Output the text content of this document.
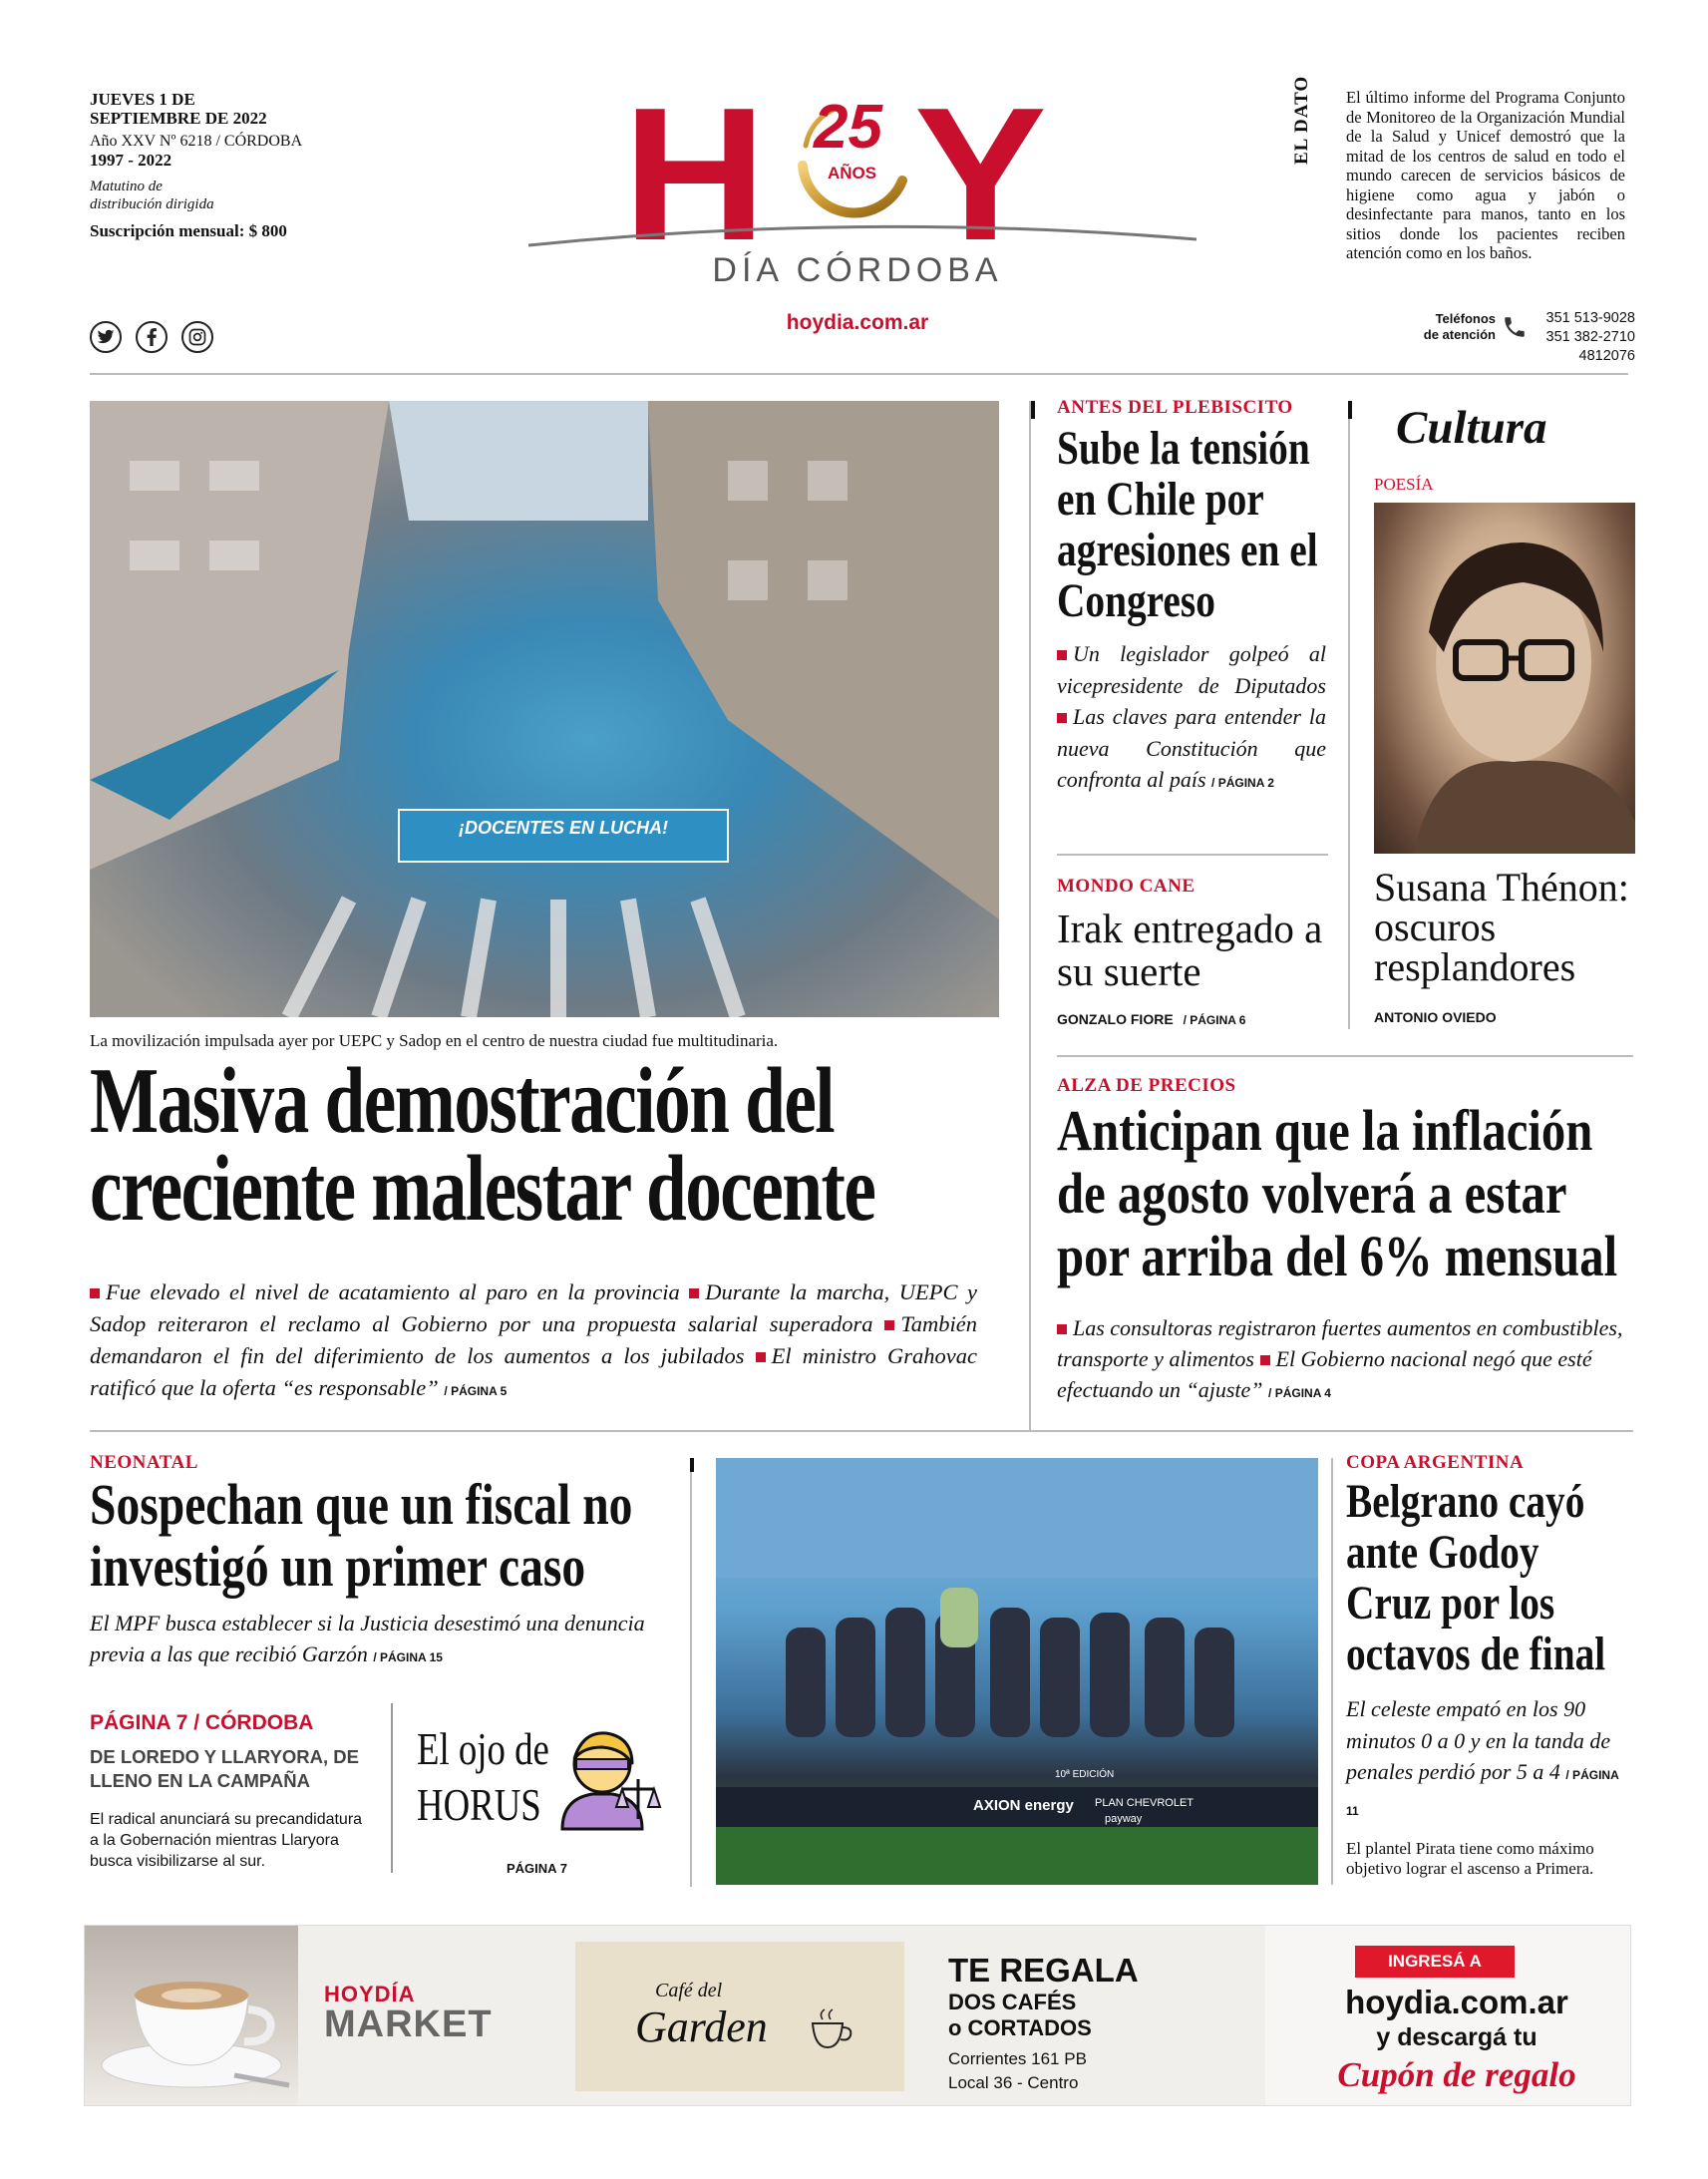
JUEVES 1 DE
SEPTIEMBRE DE 2022
Año XXV Nº 6218 / CÓRDOBA
1997 - 2022
Matutino de
distribución dirigida
Suscripción mensual: $ 800	H 25
AÑOS Y
DÍA CÓRDOBA
hoydia.com.ar
EL DATO El último informe del Programa Conjunto de Monitoreo de la Organización Mundial de la Salud y Unicef demostró que la mitad de los centros de salud en todo el mundo carecen de servicios básicos de higiene como agua y jabón o desinfectante para manos, tanto en los sitios donde los pacientes reciben atención como en los baños.
Teléfonos
de atención
351 513-9028
351 382-2710
4812076
¡DOCENTES EN LUCHA!
La movilización impulsada ayer por UEPC y Sadop en el centro de nuestra ciudad fue multitudinaria.
Masiva demostración del
creciente malestar docente
Fue elevado el nivel de acatamiento al paro en la provincia Durante la marcha, UEPC y Sadop reiteraron el reclamo al Gobierno por una propuesta salarial superadora También demandaron el fin del diferimiento de los aumentos a los jubilados El ministro Grahovac ratificó que la oferta “es responsable” / PÁGINA 5
ANTES DEL PLEBISCITO
Sube la tensión en Chile por agresiones en el Congreso
Un legislador golpeó al vicepresidente de Diputados Las claves para entender la nueva Constitución que confronta al país / PÁGINA 2
MONDO CANE
Irak entregado a su suerte
GONZALO FIORE / PÁGINA 6
Cultura
POESÍA
Susana Thénon: oscuros resplandores
ANTONIO OVIEDO
ALZA DE PRECIOS
Anticipan que la inflación
de agosto volverá a estar
por arriba del 6% mensual
Las consultoras registraron fuertes aumentos en combustibles, transporte y alimentos El Gobierno nacional negó que esté efectuando un “ajuste” / PÁGINA 4
NEONATAL
Sospechan que un fiscal no
investigó un primer caso
El MPF busca establecer si la Justicia desestimó una denuncia previa a las que recibió Garzón / PÁGINA 15
PÁGINA 7 / CÓRDOBA
DE LOREDO Y LLARYORA, DE LLENO EN LA CAMPAÑA
El radical anunciará su precandidatura a la Gobernación mientras Llaryora busca visibilizarse al sur.
El ojo de
HORUS
PÁGINA 7
10ª EDICIÓN
AXION energy PLAN CHEVROLET
payway
COPA ARGENTINA
Belgrano cayó ante Godoy Cruz por los octavos de final
El celeste empató en los 90 minutos 0 a 0 y en la tanda de penales perdió por 5 a 4 / PÁGINA 11
El plantel Pirata tiene como máximo objetivo lograr el ascenso a Primera.
HOYDÍA
MARKET
Café del
Garden
TE REGALA
DOS CAFÉS
o CORTADOS
Corrientes 161 PB
Local 36 - Centro
INGRESÁ A
hoydia.com.ar
y descargá tu
Cupón de regalo
